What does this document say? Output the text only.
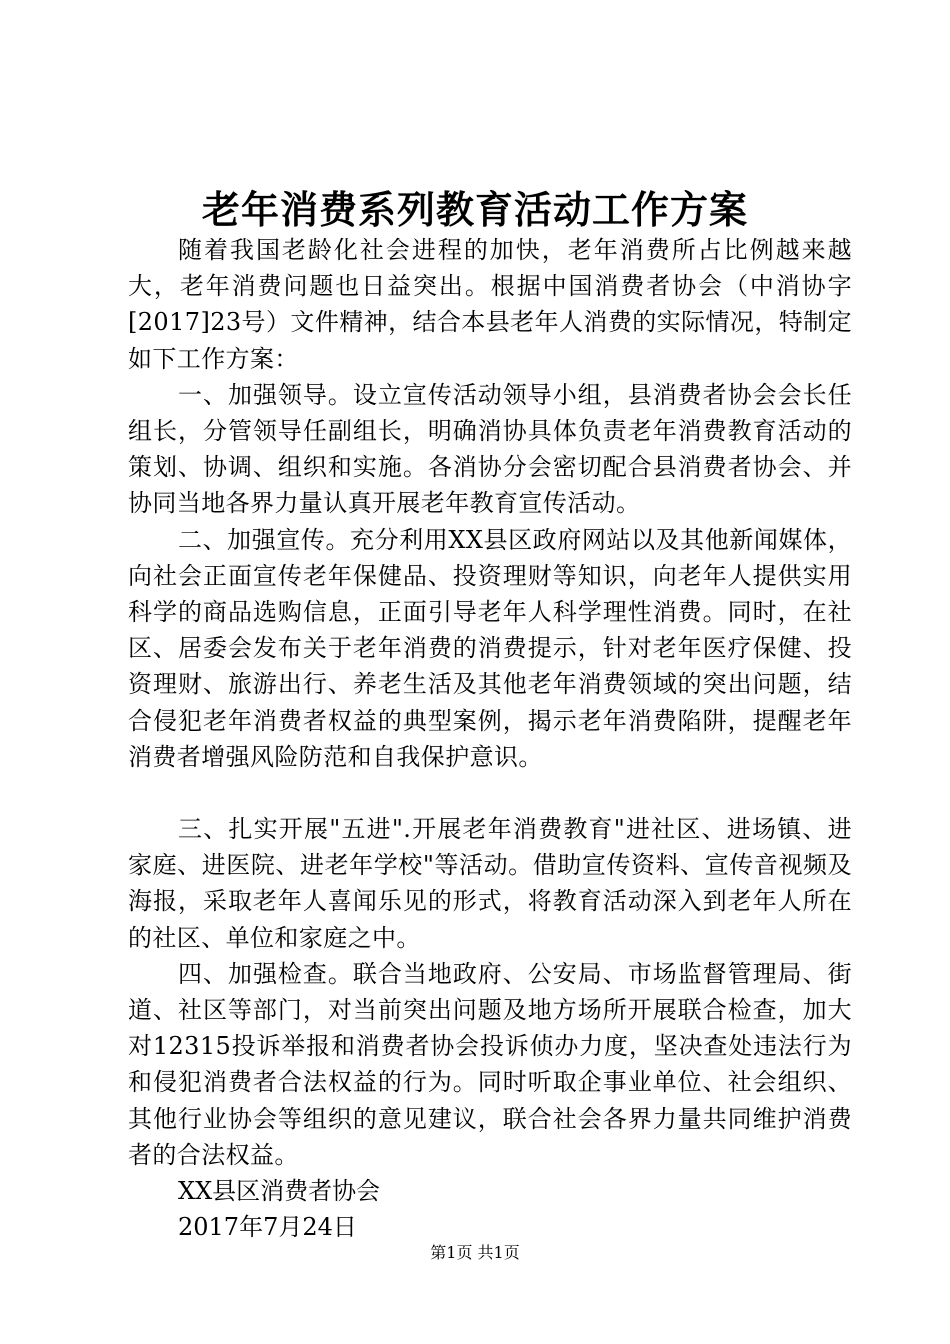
老年消费系列教育活动工作方案

随着我国老龄化社会进程的加快，老年消费所占比例越来越大，老年消费问题也日益突出。根据中国消费者协会（中消协字[2017]23号）文件精神，结合本县老年人消费的实际情况，特制定如下工作方案：

一、加强领导。设立宣传活动领导小组，县消费者协会会长任组长，分管领导任副组长，明确消协具体负责老年消费教育活动的策划、协调、组织和实施。各消协分会密切配合县消费者协会、并协同当地各界力量认真开展老年教育宣传活动。

二、加强宣传。充分利用XX县区政府网站以及其他新闻媒体，向社会正面宣传老年保健品、投资理财等知识，向老年人提供实用科学的商品选购信息，正面引导老年人科学理性消费。同时，在社区、居委会发布关于老年消费的消费提示，针对老年医疗保健、投资理财、旅游出行、养老生活及其他老年消费领域的突出问题，结合侵犯老年消费者权益的典型案例，揭示老年消费陷阱，提醒老年消费者增强风险防范和自我保护意识。

三、扎实开展"五进".开展老年消费教育"进社区、进场镇、进家庭、进医院、进老年学校"等活动。借助宣传资料、宣传音视频及海报，采取老年人喜闻乐见的形式，将教育活动深入到老年人所在的社区、单位和家庭之中。

四、加强检查。联合当地政府、公安局、市场监督管理局、街道、社区等部门，对当前突出问题及地方场所开展联合检查，加大对12315投诉举报和消费者协会投诉侦办力度，坚决查处违法行为和侵犯消费者合法权益的行为。同时听取企事业单位、社会组织、其他行业协会等组织的意见建议，联合社会各界力量共同维护消费者的合法权益。

XX县区消费者协会

2017年7月24日

第1页 共1页
